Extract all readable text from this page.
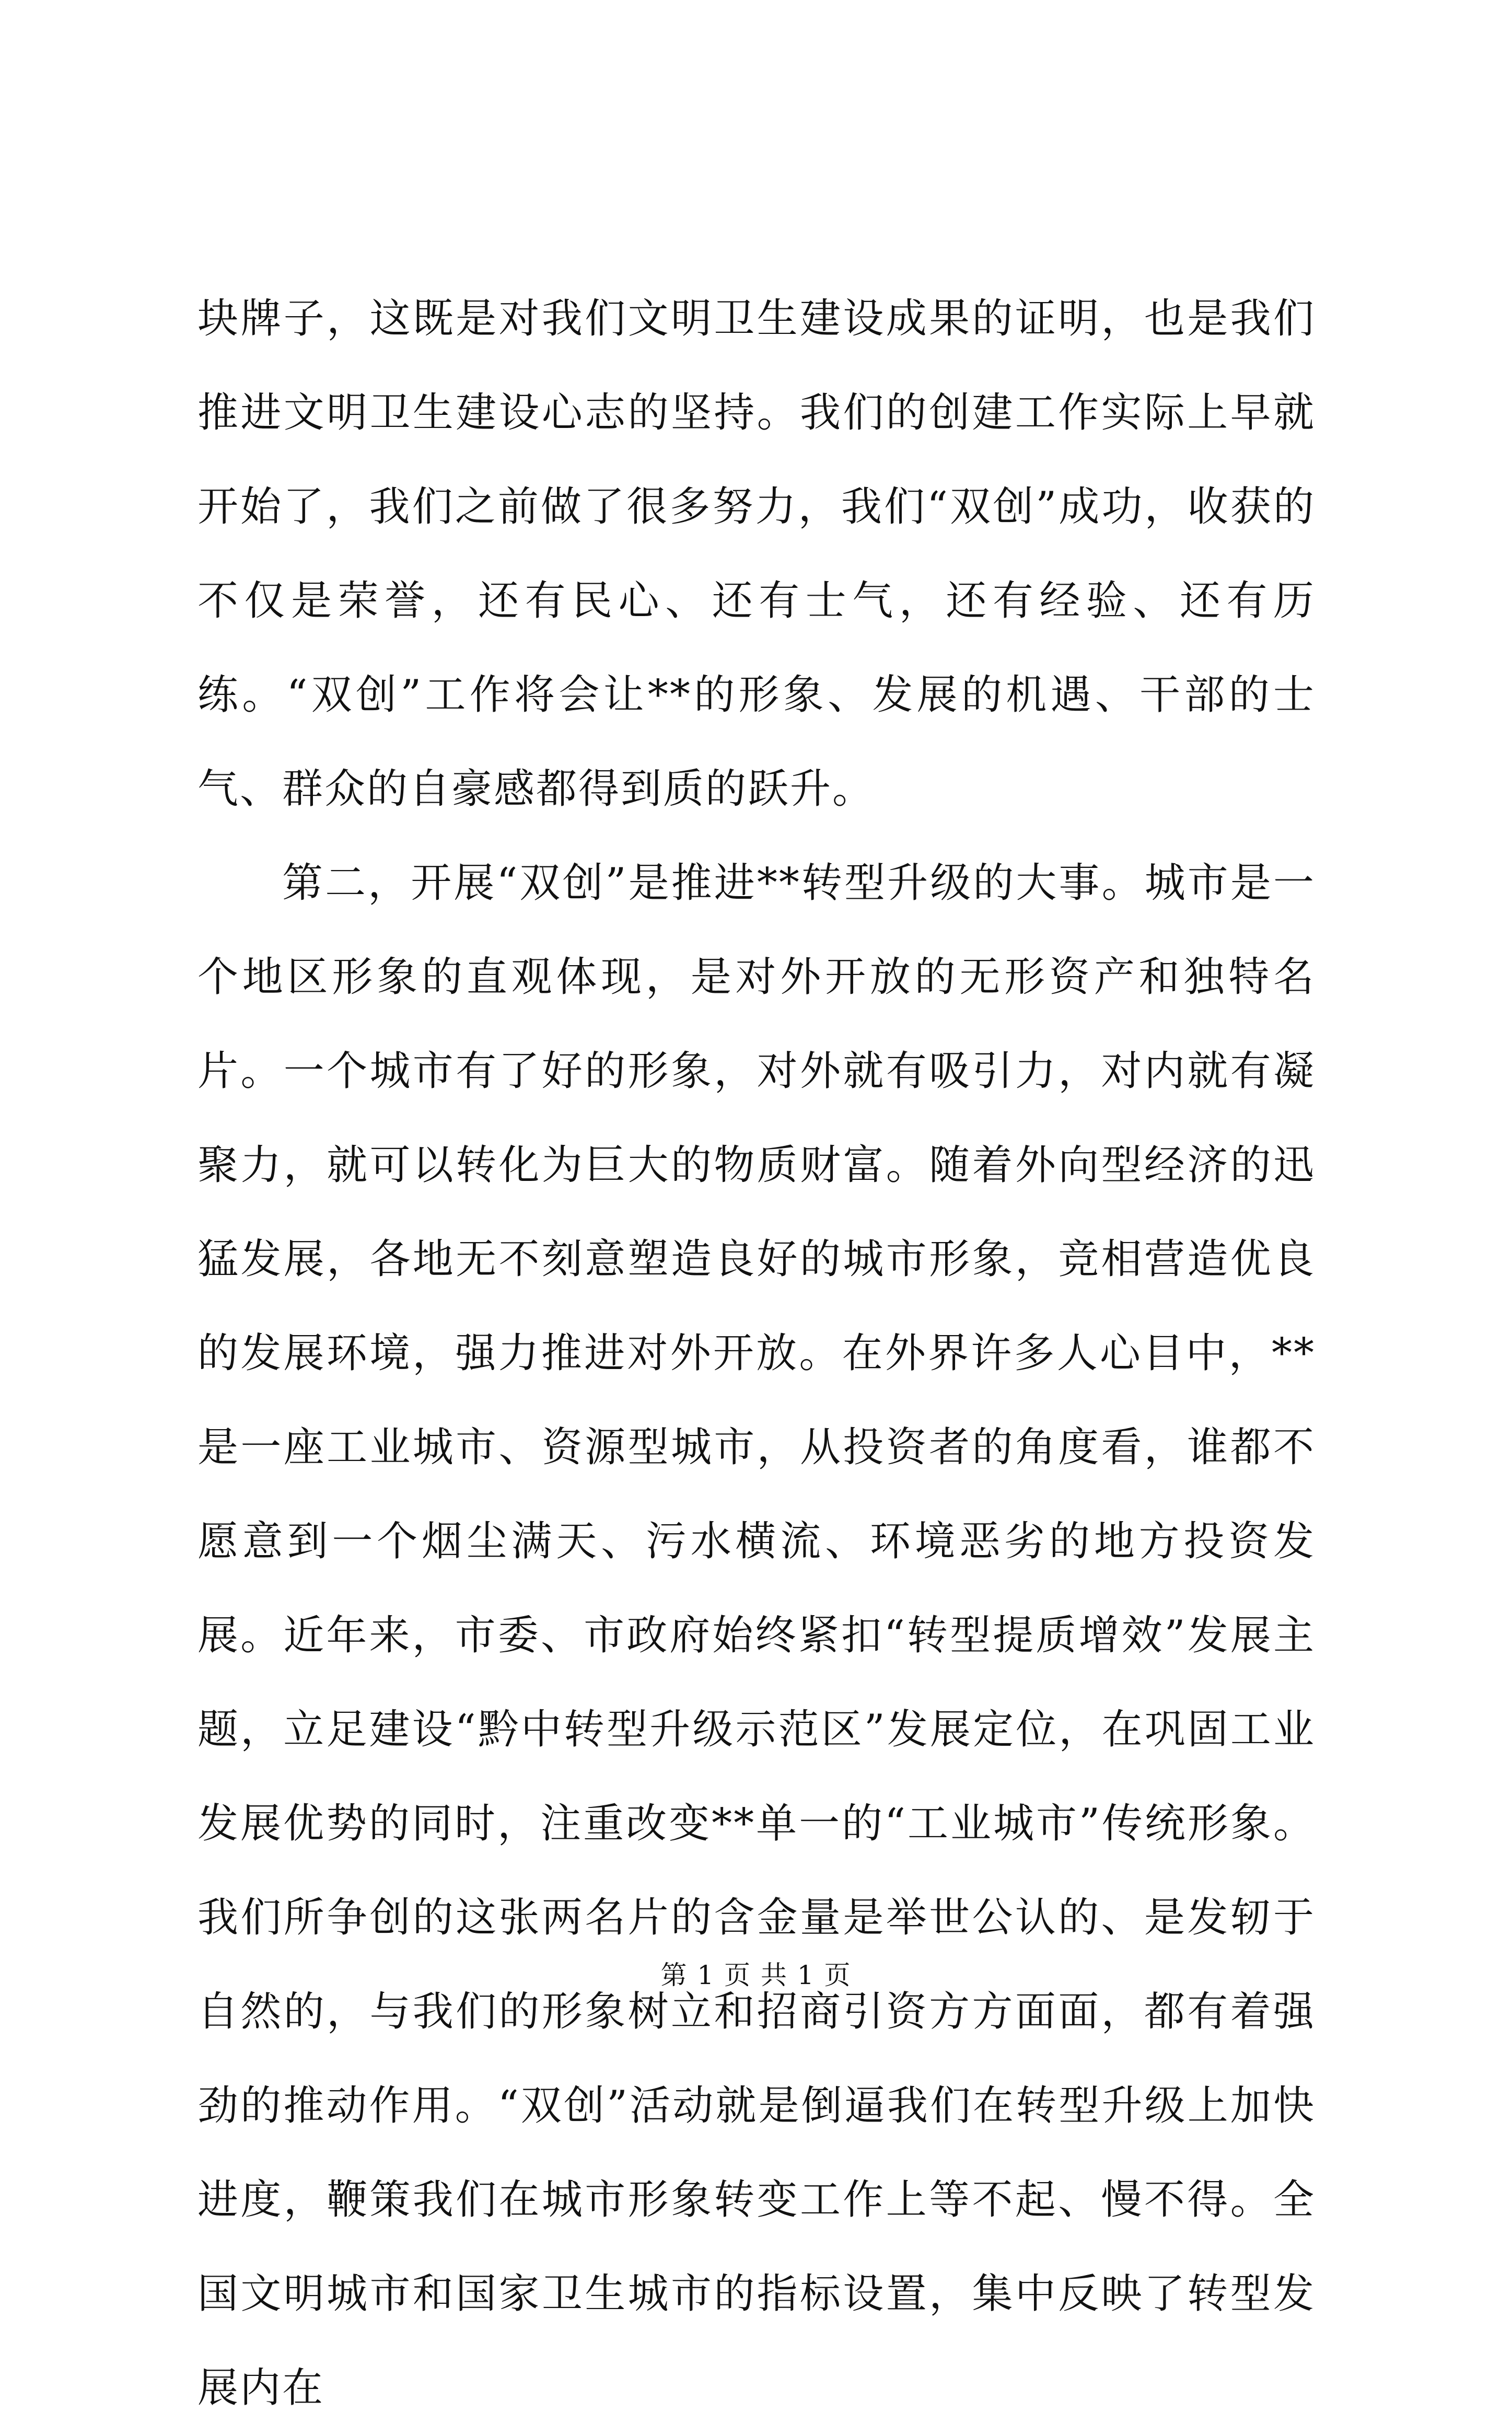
块牌子，这既是对我们文明卫生建设成果的证明，也是我们推进文明卫生建设心志的坚持。我们的创建工作实际上早就开始了，我们之前做了很多努力，我们“双创”成功，收获的不仅是荣誉，还有民心、还有士气，还有经验、还有历练。“双创”工作将会让**的形象、发展的机遇、干部的士气、群众的自豪感都得到质的跃升。

第二，开展“双创”是推进**转型升级的大事。城市是一个地区形象的直观体现，是对外开放的无形资产和独特名片。一个城市有了好的形象，对外就有吸引力，对内就有凝聚力，就可以转化为巨大的物质财富。随着外向型经济的迅猛发展，各地无不刻意塑造良好的城市形象，竞相营造优良的发展环境，强力推进对外开放。在外界许多人心目中，**是一座工业城市、资源型城市，从投资者的角度看，谁都不愿意到一个烟尘满天、污水横流、环境恶劣的地方投资发展。近年来，市委、市政府始终紧扣“转型提质增效”发展主题，立足建设“黔中转型升级示范区”发展定位，在巩固工业发展优势的同时，注重改变**单一的“工业城市”传统形象。我们所争创的这张两名片的含金量是举世公认的、是发轫于自然的，与我们的形象树立和招商引资方方面面，都有着强劲的推动作用。“双创”活动就是倒逼我们在转型升级上加快进度，鞭策我们在城市形象转变工作上等不起、慢不得。全国文明城市和国家卫生城市的指标设置，集中反映了转型发展内在

第 1 页 共 1 页
